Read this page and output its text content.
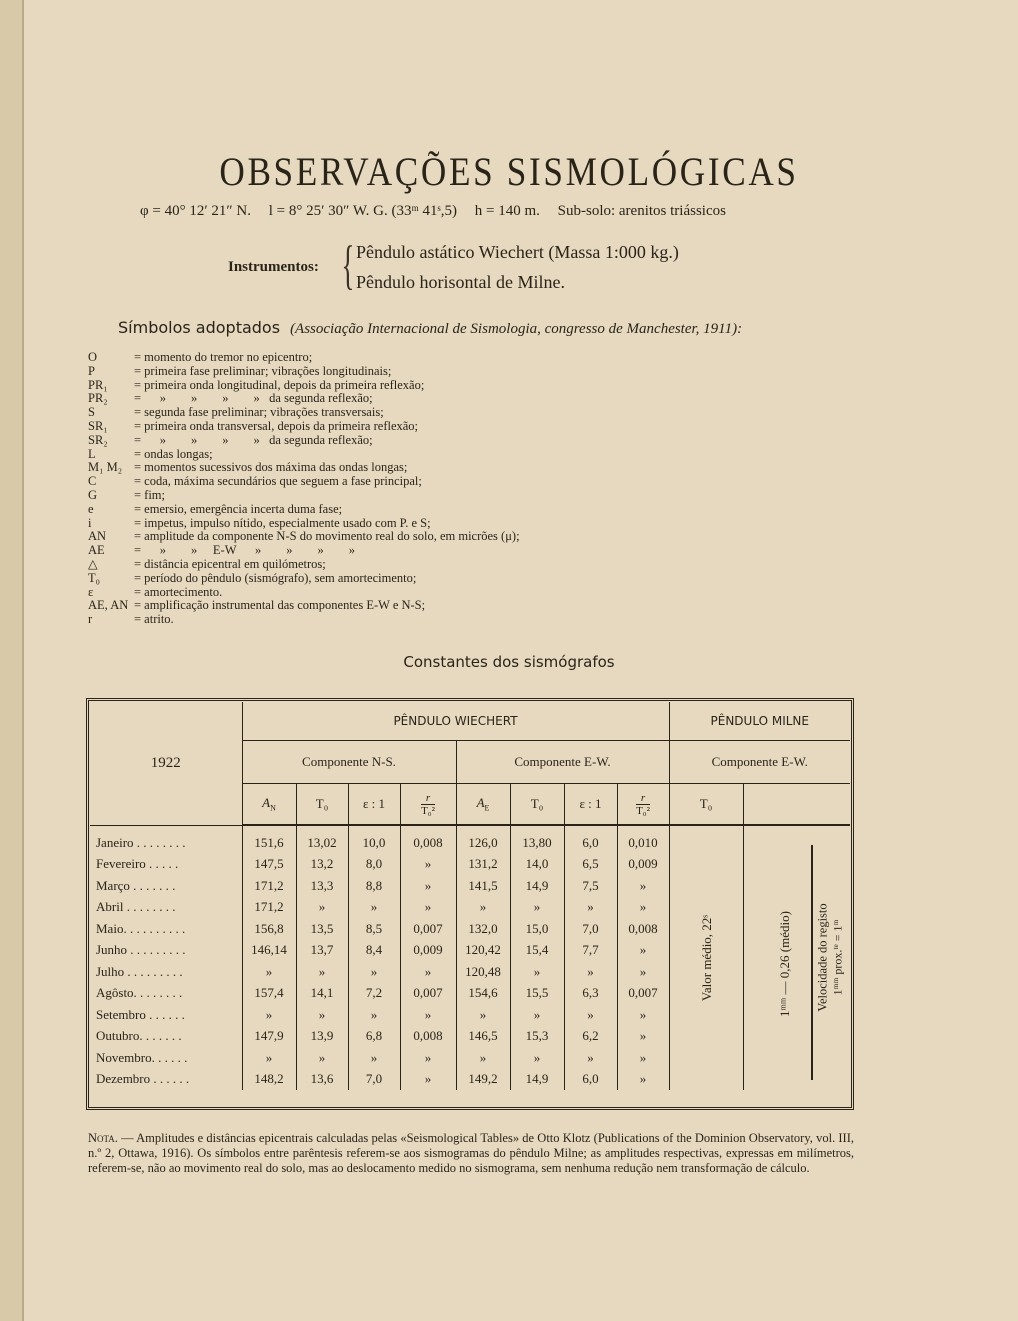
OBSERVAÇÕES SISMOLÓGICAS
φ = 40° 12′ 21″ N. l = 8° 25′ 30″ W. G. (33ᵐ 41ˢ,5) h = 140 m. Sub-solo: arenitos triássicos
Instrumentos: { Pêndulo astático Wiechert (Massa 1:000 kg.)
Pêndulo horisontal de Milne.
Símbolos adoptados (Associação Internacional de Sismologia, congresso de Manchester, 1911):
O	= momento do tremor no epicentro;
P	= primeira fase preliminar; vibrações longitudinais;
PR₁	= primeira onda longitudinal, depois da primeira reflexão;
PR₂	=      »        »        »        »   da segunda reflexão;
S	= segunda fase preliminar; vibrações transversais;
SR₁	= primeira onda transversal, depois da primeira reflexão;
SR₂	=      »        »        »        »   da segunda reflexão;
L	= ondas longas;
M₁ M₂ = momentos sucessivos dos máxima das ondas longas;
C	= coda, máxima secundários que seguem a fase principal;
G	= fim;
e	= emersio, emergência incerta duma fase;
i	= impetus, impulso nítido, especialmente usado com P. e S;
AN	= amplitude da componente N-S do movimento real do solo, em micrões (μ);
AE	=      »        »     E-W      »        »        »        »
△	= distância epicentral em quilómetros;
T₀	= período do pêndulo (sismógrafo), sem amortecimento;
ε	= amortecimento.
AE, AN = amplificação instrumental das componentes E-W e N-S;
r	= atrito.
Constantes dos sismógrafos
1922	PÊNDULO WIECHERT								PÊNDULO MILNE	
	Componente N-S.				Componente E-W.				Componente E-W.	
	$A_N$	T₀	ε : 1	$\frac{r}{\text{T₀²}}$	$A_E$	T₀	ε : 1	$\frac{r}{\text{T₀²}}$	T₀	
Janeiro . . . . . . . .	151,6	13,02	10,0	0,008	126,0	13,80	6,0	0,010		
Fevereiro . . . . .	147,5	13,2	8,0	»	131,2	14,0	6,5	0,009		
Março . . . . . . .	171,2	13,3	8,8	»	141,5	14,9	7,5	»		
Abril . . . . . . . .	171,2	»	»	»	»	»	»	»		
Maio. . . . . . . . . .	156,8	13,5	8,5	0,007	132,0	15,0	7,0	0,008		
Junho . . . . . . . . .	146,14	13,7	8,4	0,009	120,42	15,4	7,7	»		
Julho . . . . . . . . .	»	»	»	»	120,48	»	»	»		
Agôsto. . . . . . . .	157,4	14,1	7,2	0,007	154,6	15,5	6,3	0,007		
Setembro . . . . . .	»	»	»	»	»	»	»	»		
Outubro. . . . . . .	147,9	13,9	6,8	0,008	146,5	15,3	6,2	»		
Novembro. . . . . .	»	»	»	»	»	»	»	»		
Dezembro . . . . . .	148,2	13,6	7,0	»	149,2	14,9	6,0	»		
Valor médio, 22ˢ	1ᵐᵐ — 0,26 (médio) Velocidade do registo 1ᵐᵐ prox.ᵗᵉ = 1ᵐ
Nota. — Amplitudes e distâncias epicentrais calculadas pelas «Seismological Tables» de Otto Klotz (Publications of the Dominion Observatory, vol. III, n.º 2, Ottawa, 1916). Os símbolos entre parêntesis referem-se aos sismogramas do pêndulo Milne; as amplitudes respectivas, expressas em milímetros, referem-se, não ao movimento real do solo, mas ao deslocamento medido no sismograma, sem nenhuma redução nem transformação de cálculo.
